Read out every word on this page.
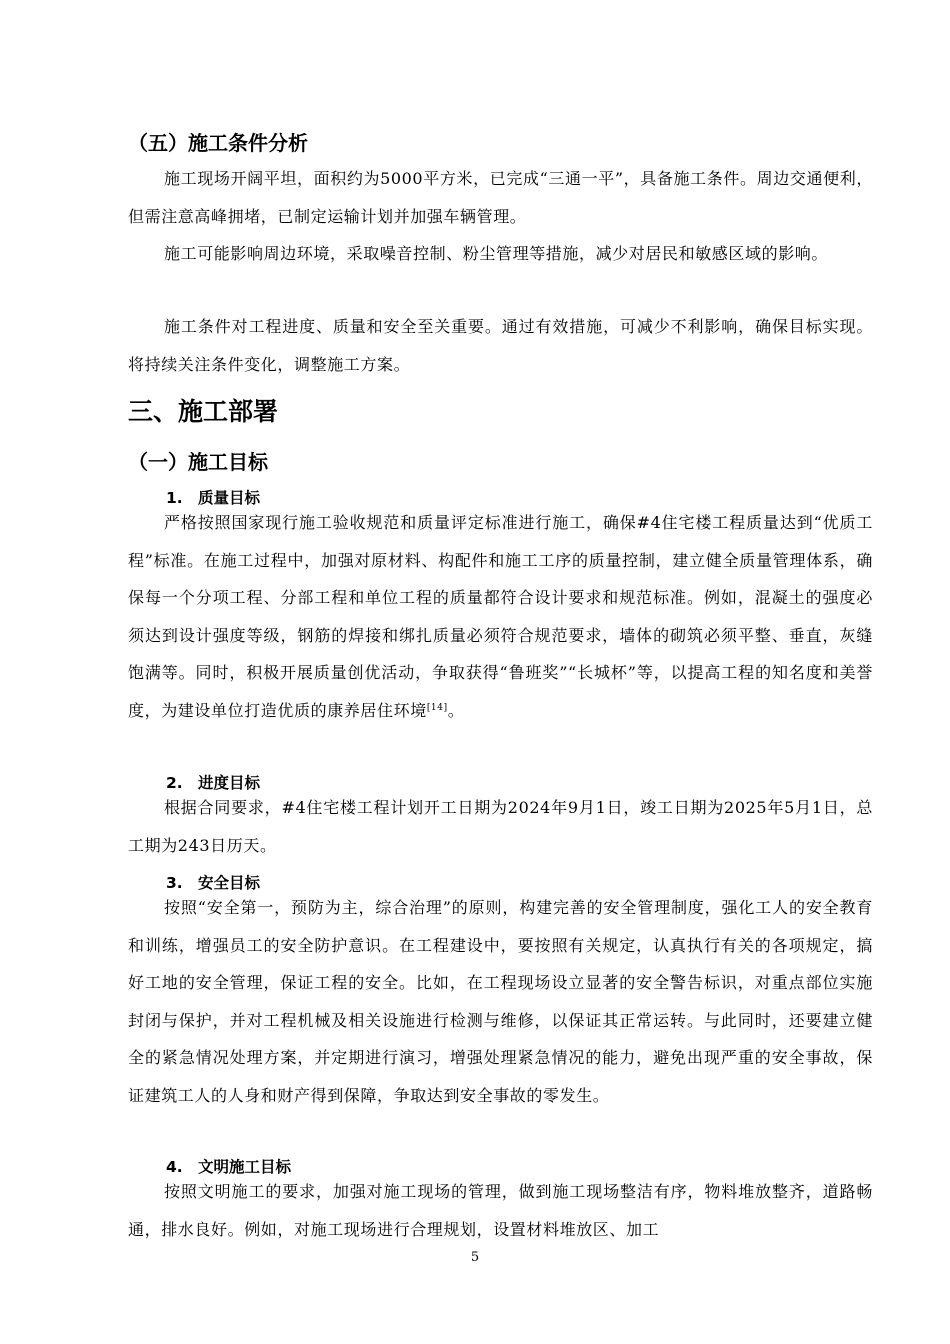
（五）施工条件分析

施工现场开阔平坦，面积约为5000平方米，已完成“三通一平”，具备施工条件。周边交通便利，但需注意高峰拥堵，已制定运输计划并加强车辆管理。

施工可能影响周边环境，采取噪音控制、粉尘管理等措施，减少对居民和敏感区域的影响。

施工条件对工程进度、质量和安全至关重要。通过有效措施，可减少不利影响，确保目标实现。将持续关注条件变化，调整施工方案。

三、施工部署
（一）施工目标
1. 质量目标

严格按照国家现行施工验收规范和质量评定标准进行施工，确保#4住宅楼工程质量达到“优质工程”标准。在施工过程中，加强对原材料、构配件和施工工序的质量控制，建立健全质量管理体系，确保每一个分项工程、分部工程和单位工程的质量都符合设计要求和规范标准。例如，混凝土的强度必须达到设计强度等级，钢筋的焊接和绑扎质量必须符合规范要求，墙体的砌筑必须平整、垂直，灰缝饱满等。同时，积极开展质量创优活动，争取获得“鲁班奖”“长城杯”等，以提高工程的知名度和美誉度，为建设单位打造优质的康养居住环境[14]。

2. 进度目标

根据合同要求，#4住宅楼工程计划开工日期为2024年9月1日，竣工日期为2025年5月1日，总工期为243日历天。

3. 安全目标

按照“安全第一，预防为主，综合治理”的原则，构建完善的安全管理制度，强化工人的安全教育和训练，增强员工的安全防护意识。在工程建设中，要按照有关规定，认真执行有关的各项规定，搞好工地的安全管理，保证工程的安全。比如，在工程现场设立显著的安全警告标识，对重点部位实施封闭与保护，并对工程机械及相关设施进行检测与维修，以保证其正常运转。与此同时，还要建立健全的紧急情况处理方案，并定期进行演习，增强处理紧急情况的能力，避免出现严重的安全事故，保证建筑工人的人身和财产得到保障，争取达到安全事故的零发生。

4. 文明施工目标

按照文明施工的要求，加强对施工现场的管理，做到施工现场整洁有序，物料堆放整齐，道路畅通，排水良好。例如，对施工现场进行合理规划，设置材料堆放区、加工

5
